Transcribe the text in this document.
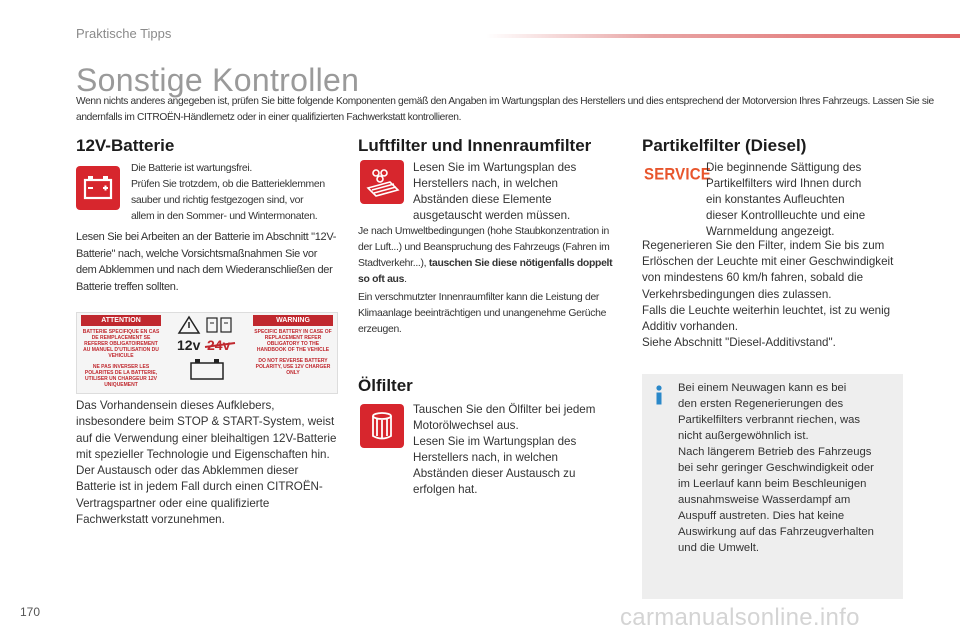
Praktische Tipps
Sonstige Kontrollen
Wenn nichts anderes angegeben ist, prüfen Sie bitte folgende Komponenten gemäß den Angaben im Wartungsplan des Herstellers und dies entsprechend der Motorversion Ihres Fahrzeugs. Lassen Sie sie andernfalls im CITROËN-Händlernetz oder in einer qualifizierten Fachwerkstatt kontrollieren.
12V-Batterie
Die Batterie ist wartungsfrei.
Prüfen Sie trotzdem, ob die Batterieklemmen
sauber und richtig festgezogen sind, vor
allem in den Sommer- und Wintermonaten.
Lesen Sie bei Arbeiten an der Batterie im Abschnitt "12V-Batterie" nach, welche Vorsichtsmaßnahmen Sie vor dem Abklemmen und nach dem Wiederanschließen der Batterie treffen sollten.
ATTENTION
BATTERIE SPECIFIQUE EN CAS DE REMPLACEMENT SE REFERER OBLIGATOIREMENT AU MANUEL D'UTILISATION DU VEHICULE
NE PAS INVERSER LES POLARITES DE LA BATTERIE, UTILISER UN CHARGEUR 12V UNIQUEMENT
12v 24v
WARNING
SPECIFIC BATTERY IN CASE OF REPLACEMENT REFER OBLIGATORY TO THE HANDBOOK OF THE VEHICLE
DO NOT REVERSE BATTERY POLARITY, USE 12V CHARGER ONLY
Das Vorhandensein dieses Aufklebers, insbesondere beim STOP & START-System, weist auf die Verwendung einer bleihaltigen 12V-Batterie mit spezieller Technologie und Eigenschaften hin. Der Austausch oder das Abklemmen dieser Batterie ist in jedem Fall durch einen CITROËN-Vertragspartner oder eine qualifizierte Fachwerkstatt vorzunehmen.
Luftfilter und Innenraumfilter
Lesen Sie im Wartungsplan des
Herstellers nach, in welchen
Abständen diese Elemente
ausgetauscht werden müssen.
Je nach Umweltbedingungen (hohe Staubkonzentration in der Luft...) und Beanspruchung des Fahrzeugs (Fahren im Stadtverkehr...), tauschen Sie diese nötigenfalls doppelt so oft aus.
Ein verschmutzter Innenraumfilter kann die Leistung der Klimaanlage beeinträchtigen und unangenehme Gerüche erzeugen.
Ölfilter
Tauschen Sie den Ölfilter bei jedem
Motorölwechsel aus.
Lesen Sie im Wartungsplan des
Herstellers nach, in welchen
Abständen dieser Austausch zu
erfolgen hat.
Partikelfilter (Diesel)
SERVICE
Die beginnende Sättigung des
Partikelfilters wird Ihnen durch
ein konstantes Aufleuchten
dieser Kontrollleuchte und eine
Warnmeldung angezeigt.
Regenerieren Sie den Filter, indem Sie bis zum Erlöschen der Leuchte mit einer Geschwindigkeit von mindestens 60 km/h fahren, sobald die Verkehrsbedingungen dies zulassen.
Falls die Leuchte weiterhin leuchtet, ist zu wenig Additiv vorhanden.
Siehe Abschnitt "Diesel-Additivstand".
Bei einem Neuwagen kann es bei
den ersten Regenerierungen des
Partikelfilters verbrannt riechen, was
nicht außergewöhnlich ist.
Nach längerem Betrieb des Fahrzeugs
bei sehr geringer Geschwindigkeit oder
im Leerlauf kann beim Beschleunigen
ausnahmsweise Wasserdampf am
Auspuff austreten. Dies hat keine
Auswirkung auf das Fahrzeugverhalten
und die Umwelt.
170	carmanualsonline.info
